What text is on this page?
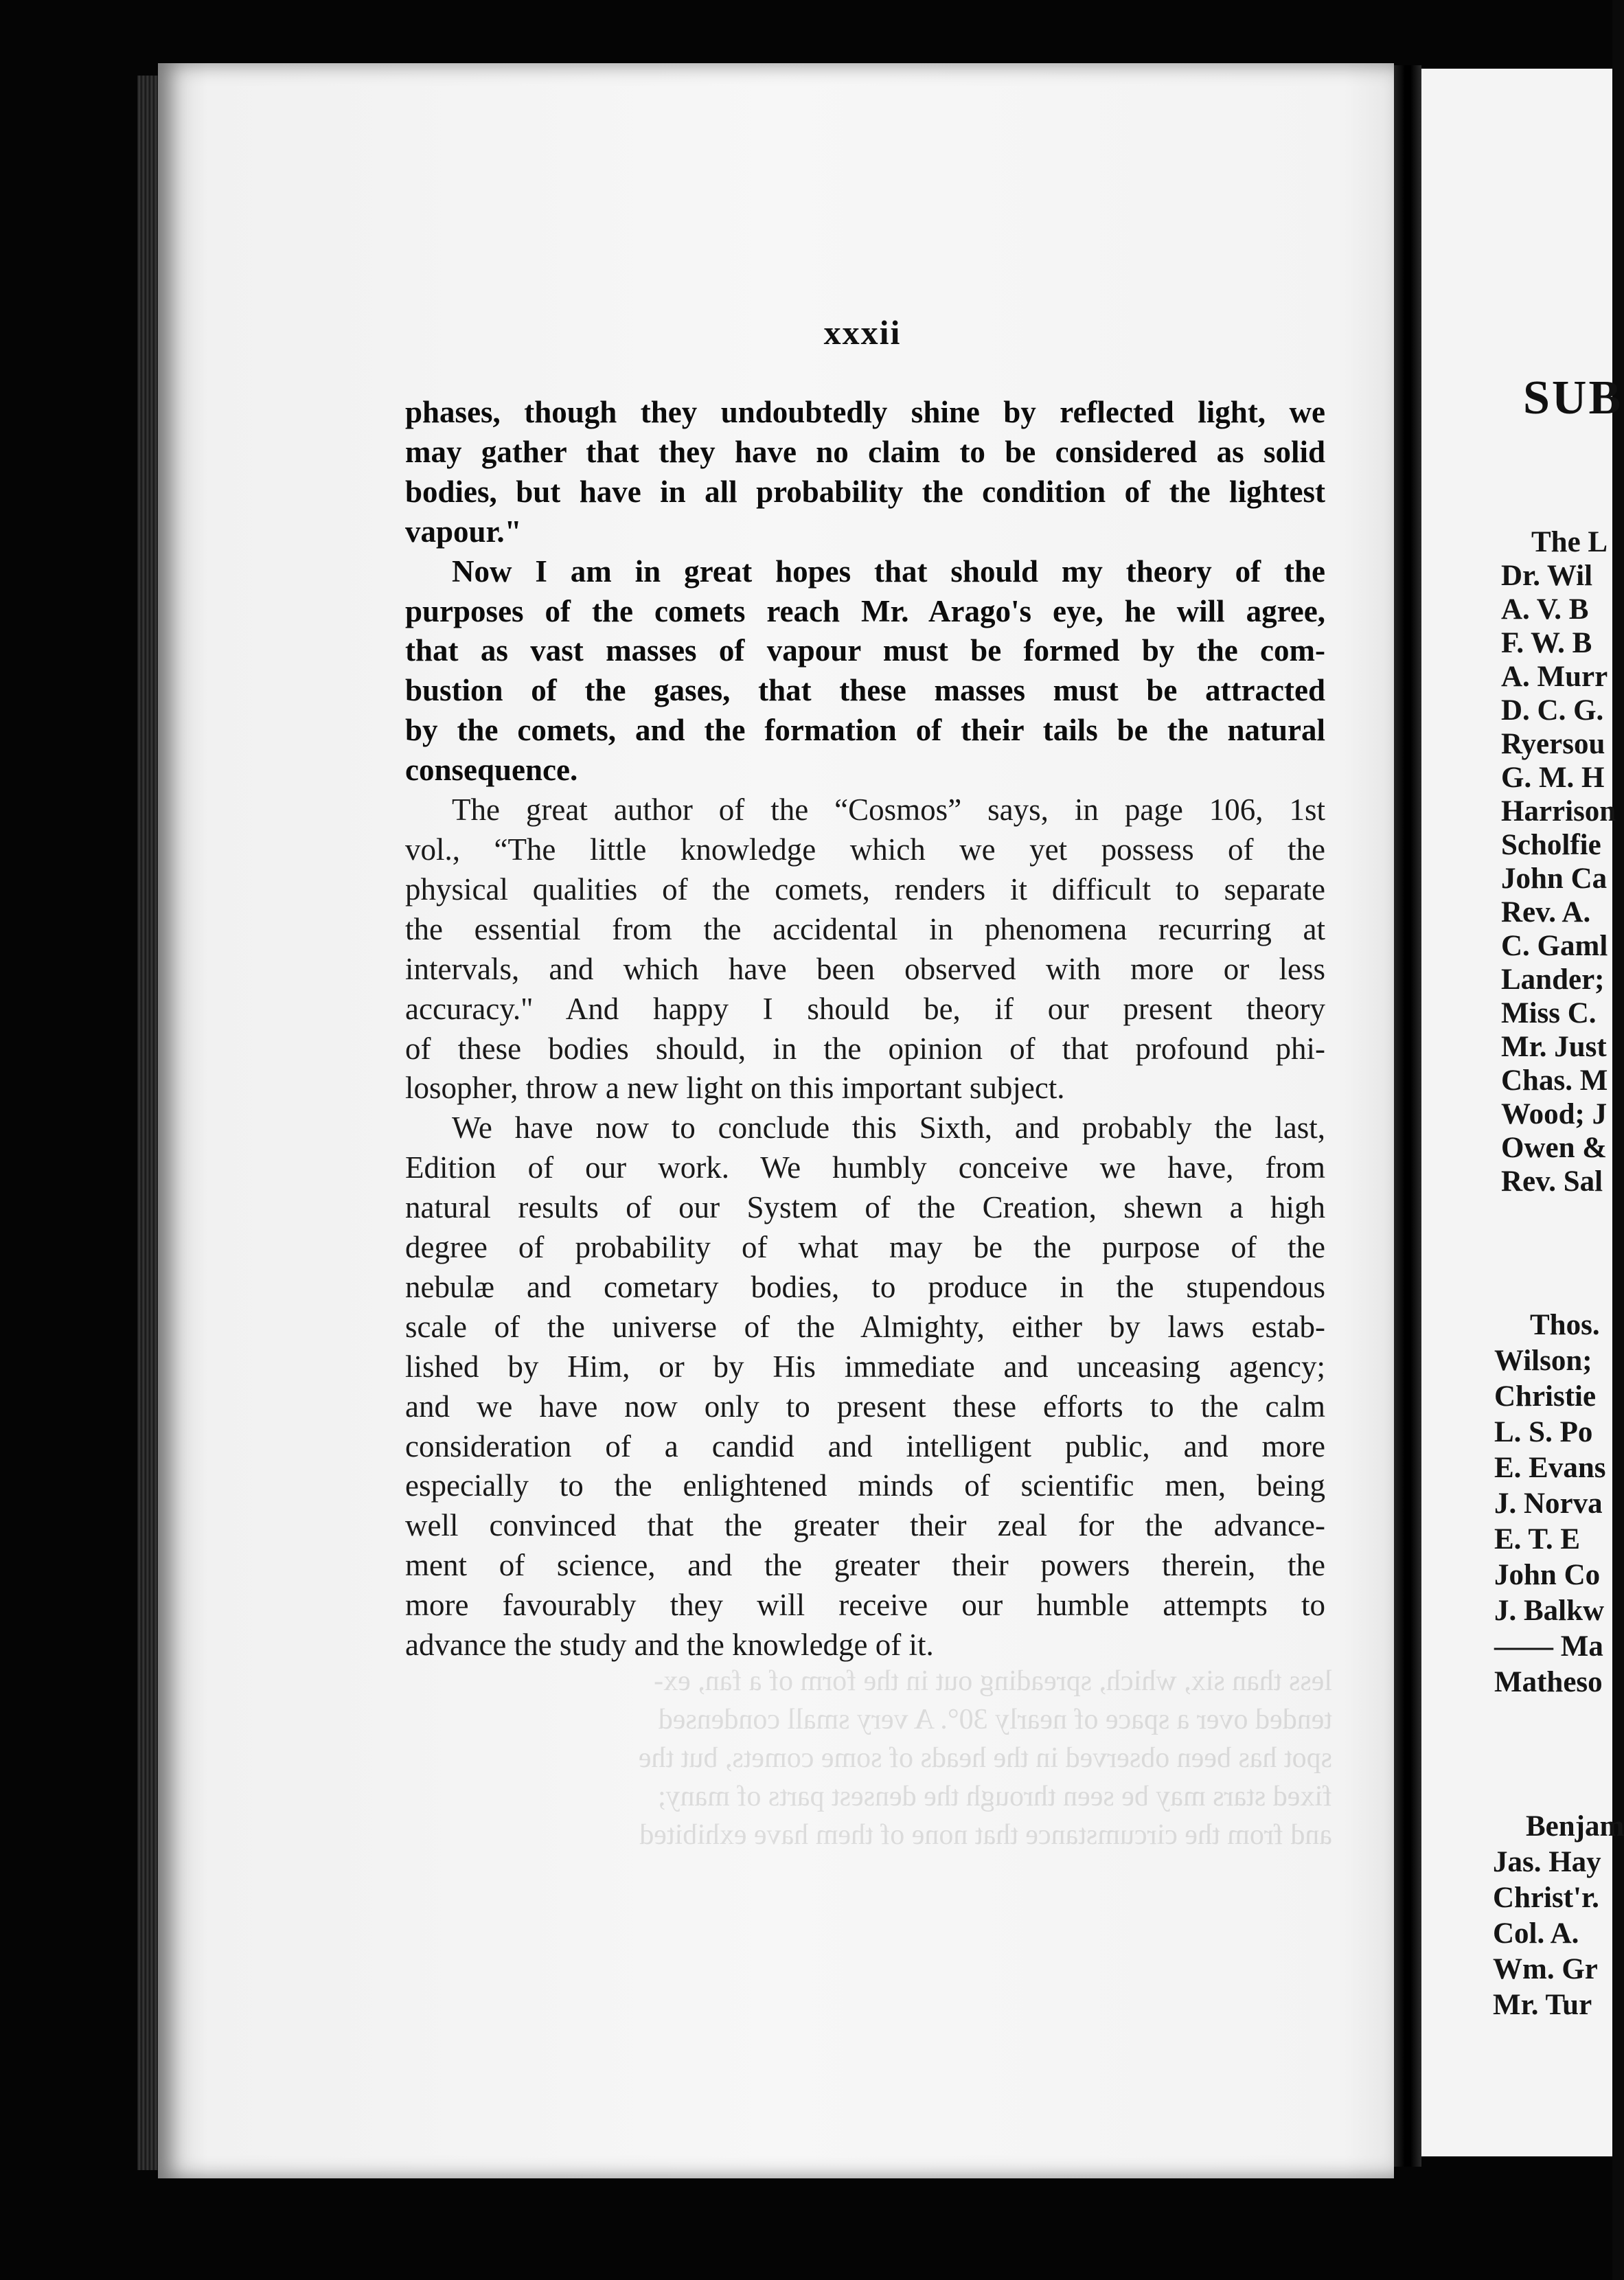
less than six, which, spreading out in the form of a fan, ex-
tended over a space of nearly 30°. A very small condensed
spot has been observed in the heads of some comets, but the
fixed stars may be seen through the densest parts of many;
and from the circumstance that none of them have exhibited
xxxii
phases, though they undoubtedly shine by reflected light, we
may gather that they have no claim to be considered as solid
bodies, but have in all probability the condition of the lightest
vapour."
Now I am in great hopes that should my theory of the
purposes of the comets reach Mr. Arago's eye, he will agree,
that as vast masses of vapour must be formed by the com-
bustion of the gases, that these masses must be attracted
by the comets, and the formation of their tails be the natural
consequence.
The great author of the “Cosmos” says, in page 106, 1st
vol., “The little knowledge which we yet possess of the
physical qualities of the comets, renders it difficult to separate
the essential from the accidental in phenomena recurring at
intervals, and which have been observed with more or less
accuracy." And happy I should be, if our present theory
of these bodies should, in the opinion of that profound phi-
losopher, throw a new light on this important subject.
We have now to conclude this Sixth, and probably the last,
Edition of our work. We humbly conceive we have, from
natural results of our System of the Creation, shewn a high
degree of probability of what may be the purpose of the
nebulæ and cometary bodies, to produce in the stupendous
scale of the universe of the Almighty, either by laws estab-
lished by Him, or by His immediate and unceasing agency;
and we have now only to present these efforts to the calm
consideration of a candid and intelligent public, and more
especially to the enlightened minds of scientific men, being
well convinced that the greater their zeal for the advance-
ment of science, and the greater their powers therein, the
more favourably they will receive our humble attempts to
advance the study and the knowledge of it.
SUB
The L
Dr. Wil
A. V. B
F. W. B
A. Murr
D. C. G.
Ryersou
G. M. H
Harrison
Scholfie
John Ca
Rev. A.
C. Gaml
Lander;
Miss C.
Mr. Just
Chas. M
Wood; J
Owen &
Rev. Sal
Thos.
Wilson;
Christie
L. S. Po
E. Evans
J. Norva
E. T. E
John Co
J. Balkw
—— Ma
Matheso
Benjam
Jas. Hay
Christ'r.
Col. A.
Wm. Gr
Mr. Tur
